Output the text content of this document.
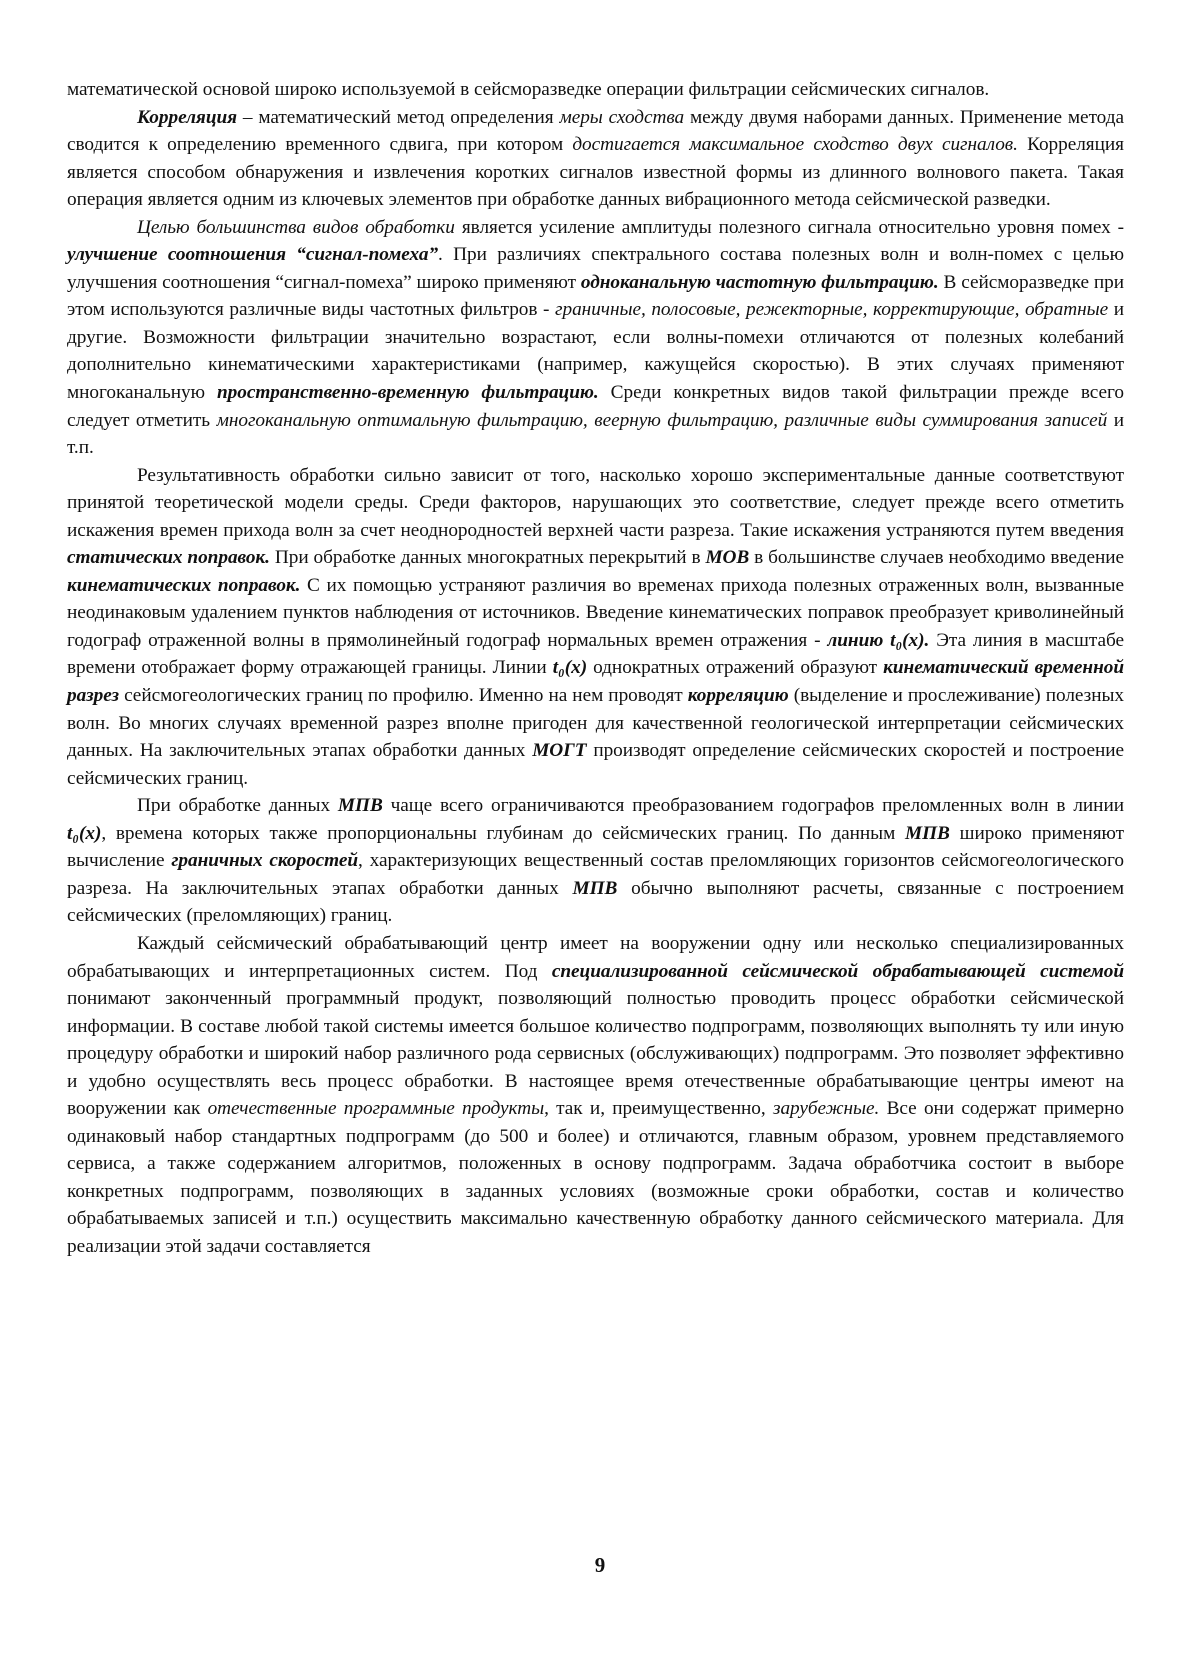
математической основой широко используемой в сейсморазведке операции фильтрации сейсмических сигналов.

Корреляция – математический метод определения меры сходства между двумя наборами данных. Применение метода сводится к определению временного сдвига, при котором достигается максимальное сходство двух сигналов. Корреляция является способом обнаружения и извлечения коротких сигналов известной формы из длинного волнового пакета. Такая операция является одним из ключевых элементов при обработке данных вибрационного метода сейсмической разведки.

Целью большинства видов обработки является усиление амплитуды полезного сигнала относительно уровня помех - улучшение соотношения “сигнал-помеха”. При различиях спектрального состава полезных волн и волн-помех с целью улучшения соотношения “сигнал-помеха” широко применяют одноканальную частотную фильтрацию. В сейсморазведке при этом используются различные виды частотных фильтров - граничные, полосовые, режекторные, корректирующие, обратные и другие. Возможности фильтрации значительно возрастают, если волны-помехи отличаются от полезных колебаний дополнительно кинематическими характеристиками (например, кажущейся скоростью). В этих случаях применяют многоканальную пространственно-временную фильтрацию. Среди конкретных видов такой фильтрации прежде всего следует отметить многоканальную оптимальную фильтрацию, веерную фильтрацию, различные виды суммирования записей и т.п.

Результативность обработки сильно зависит от того, насколько хорошо экспериментальные данные соответствуют принятой теоретической модели среды. Среди факторов, нарушающих это соответствие, следует прежде всего отметить искажения времен прихода волн за счет неоднородностей верхней части разреза. Такие искажения устраняются путем введения статических поправок. При обработке данных многократных перекрытий в МОВ в большинстве случаев необходимо введение кинематических поправок. С их помощью устраняют различия во временах прихода полезных отраженных волн, вызванные неодинаковым удалением пунктов наблюдения от источников. Введение кинематических поправок преобразует криволинейный годограф отраженной волны в прямолинейный годограф нормальных времен отражения - линию t₀(x). Эта линия в масштабе времени отображает форму отражающей границы. Линии t₀(x) однократных отражений образуют кинематический временной разрез сейсмогеологических границ по профилю. Именно на нем проводят корреляцию (выделение и прослеживание) полезных волн. Во многих случаях временной разрез вполне пригоден для качественной геологической интерпретации сейсмических данных. На заключительных этапах обработки данных МОГТ производят определение сейсмических скоростей и построение сейсмических границ.

При обработке данных МПВ чаще всего ограничиваются преобразованием годографов преломленных волн в линии t₀(x), времена которых также пропорциональны глубинам до сейсмических границ. По данным МПВ широко применяют вычисление граничных скоростей, характеризующих вещественный состав преломляющих горизонтов сейсмогеологического разреза. На заключительных этапах обработки данных МПВ обычно выполняют расчеты, связанные с построением сейсмических (преломляющих) границ.

Каждый сейсмический обрабатывающий центр имеет на вооружении одну или несколько специализированных обрабатывающих и интерпретационных систем. Под специализированной сейсмической обрабатывающей системой понимают законченный программный продукт, позволяющий полностью проводить процесс обработки сейсмической информации. В составе любой такой системы имеется большое количество подпрограмм, позволяющих выполнять ту или иную процедуру обработки и широкий набор различного рода сервисных (обслуживающих) подпрограмм. Это позволяет эффективно и удобно осуществлять весь процесс обработки. В настоящее время отечественные обрабатывающие центры имеют на вооружении как отечественные программные продукты, так и, преимущественно, зарубежные. Все они содержат примерно одинаковый набор стандартных подпрограмм (до 500 и более) и отличаются, главным образом, уровнем представляемого сервиса, а также содержанием алгоритмов, положенных в основу подпрограмм. Задача обработчика состоит в выборе конкретных подпрограмм, позволяющих в заданных условиях (возможные сроки обработки, состав и количество обрабатываемых записей и т.п.) осуществить максимально качественную обработку данного сейсмического материала. Для реализации этой задачи составляется

9
